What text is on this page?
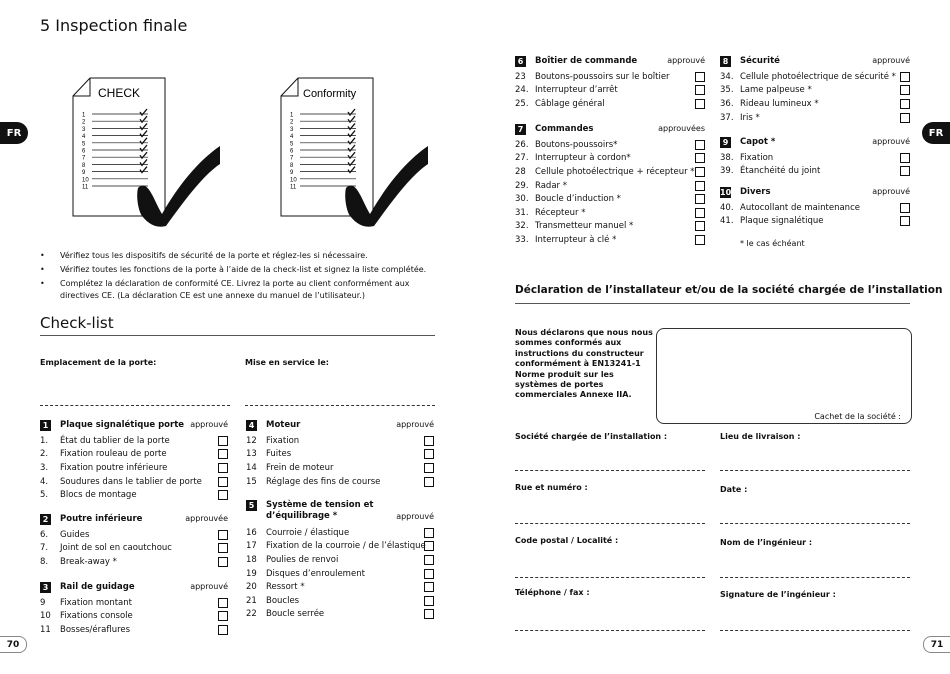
FR	FR
70	71
5 Inspection finale
CHECK
1
2
3
4
5
6
7
8
9
10
11
Conformity
1
2
3
4
5
6
7
8
9
10
11
• Vérifiez tous les dispositifs de sécurité de la porte et réglez-les si nécessaire.
• Vérifiez toutes les fonctions de la porte à l’aide de la check-list et signez la liste complétée.
• Complétez la déclaration de conformité CE. Livrez la porte au client conformément aux directives CE. (La déclaration CE est une annexe du manuel de l’utilisateur.)
Check-list
Emplacement de la porte:	Mise en service le:
1	Plaque signalétique porte approuvé
1.	État du tablier de la porte
2.	Fixation rouleau de porte
3.	Fixation poutre inférieure
4.	Soudures dans le tablier de porte
5.	Blocs de montage
2	Poutre inférieure	approuvée
6.	Guides
7.	Joint de sol en caoutchouc
8.	Break-away *
3	Rail de guidage	approuvé
9	Fixation montant
10	Fixations console
11	Bosses/éraflures
4	Moteur	approuvé
12	Fixation
13	Fuites
14	Frein de moteur
15	Réglage des fins de course
5	Système de tension et d’équilibrage *	approuvé
16	Courroie / élastique
17	Fixation de la courroie / de l’élastique
18	Poulies de renvoi
19	Disques d’enroulement
20	Ressort *
21	Boucles
22	Boucle serrée
6	Boîtier de commande	approuvé
23	Boutons-poussoirs sur le boîtier
24. Interrupteur d’arrêt
25. Câblage général
7	Commandes	approuvées
26. Boutons-poussoirs*
27. Interrupteur à cordon*
28	Cellule photoélectrique + récepteur *
29. Radar *
30. Boucle d’induction *
31. Récepteur *
32. Transmetteur manuel *
33. Interrupteur à clé *
8	Sécurité	approuvé
34. Cellule photoélectrique de sécurité *
35. Lame palpeuse *
36. Rideau lumineux *
37. Iris *
9	Capot *	approuvé
38. Fixation
39. Étanchéité du joint
10 Divers	approuvé
40. Autocollant de maintenance
41. Plaque signalétique
* le cas échéant
Déclaration de l’installateur et/ou de la société chargée de l’installation
Nous déclarons que nous nous sommes conformés aux instructions du constructeur conformément à EN13241-1 Norme produit sur les systèmes de portes commerciales Annexe IIA.
Cachet de la société :
Société chargée de l’installation :	Lieu de livraison :
Rue et numéro :	Date :
Code postal / Localité :	Nom de l’ingénieur :
Téléphone / fax :	Signature de l’ingénieur :
